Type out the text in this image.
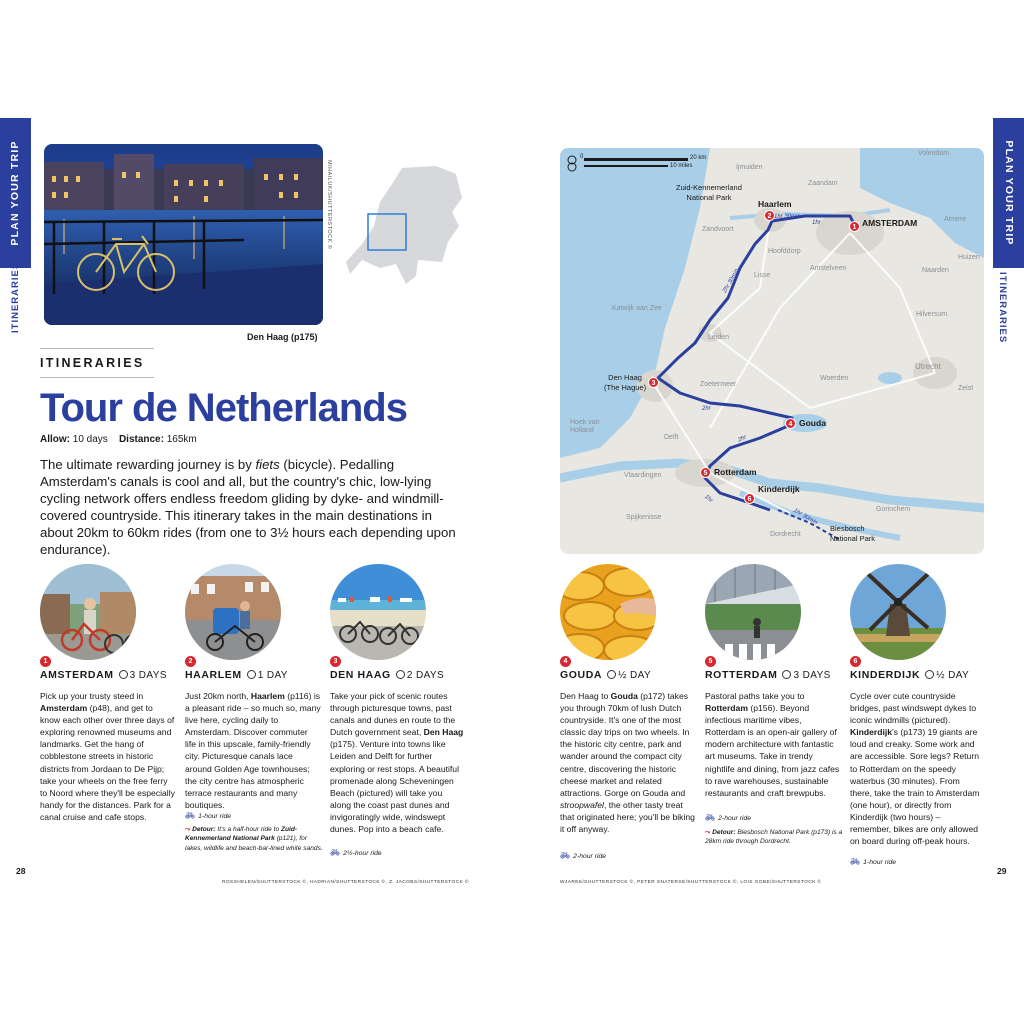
PLAN YOUR TRIP
ITINERARIES
MIHAILUK/SHUTTERSTOCK ©
Den Haag (p175)
ITINERARIES
Tour de Netherlands
Allow: 10 days Distance: 165km
The ultimate rewarding journey is by fiets (bicycle). Pedalling Amsterdam's canals is cool and all, but the country's chic, low-lying cycling network offers endless freedom gliding by dyke- and windmill-covered countryside. This itinerary takes in the main destinations in about 20km to 60km rides (from one to 3½ hours each depending upon endurance).
1
AMSTERDAM 3 DAYS
Pick up your trusty steed in Amsterdam (p48), and get to know each other over three days of exploring renowned museums and landmarks. Get the hang of cobblestone streets in historic districts from Jordaan to De Pijp; take your wheels on the free ferry to Noord where they'll be especially handy for the distances. Park for a canal cruise and cafe stops.
2
HAARLEM 1 DAY
Just 20km north, Haarlem (p116) is a pleasant ride – so much so, many live here, cycling daily to Amsterdam. Discover commuter life in this upscale, family-friendly city. Picturesque canals lace around Golden Age townhouses; the city centre has atmospheric terrace restaurants and many boutiques.
🚲︎ 1-hour ride
⤳ Detour: It's a half-hour ride to Zuid-Kennemerland National Park (p121), for lakes, wildlife and beach-bar-lined white sands.
3
DEN HAAG 2 DAYS
Take your pick of scenic routes through picturesque towns, past canals and dunes en route to the Dutch government seat, Den Haag (p175). Venture into towns like Leiden and Delft for further exploring or rest stops. A beautiful promenade along Scheveningen Beach (pictured) will take you along the coast past dunes and invigoratingly wide, windswept dunes. Pop into a beach cafe.
🚲︎ 2½-hour ride
28
ROSSHELEN/SHUTTERSTOCK ©, HADRIAN/SHUTTERSTOCK ©, Z. JACOBS/SHUTTERSTOCK ©
PLAN YOUR TRIP
ITINERARIES
0	20 km
10 miles
Volendam
Ijmuiden
Zaandam
Zandvoort
Hoofddorp
Amstelveen
Almere
Lisse
Huizen
Naarden
Katwijk aan Zee
Leiden
Hilversum
Zoetermeer
Woerden
Utrecht
Zeist
Hoek van Holland
Delft
Vlaardingen
Spijkenisse
Dordrecht
Gorinchem
Zuid-Kennemerland
National Park
Biesbosch
National Park
1 AMSTERDAM
2
Haarlem
3
Den Haag
(The Hague)
4 Gouda
5 Rotterdam
6
Kinderdijk
1hr 30min
1hr
2hr 30min
2hr
2hr
1hr
1hr 30min
4
GOUDA ½ DAY
Den Haag to Gouda (p172) takes you through 70km of lush Dutch countryside. It's one of the most classic day trips on two wheels. In the historic city centre, park and wander around the compact city centre, discovering the historic cheese market and related attractions. Gorge on Gouda and stroopwafel, the other tasty treat that originated here; you'll be biking it off anyway.
🚲︎ 2-hour ride
5
ROTTERDAM 3 DAYS
Pastoral paths take you to Rotterdam (p156). Beyond infectious maritime vibes, Rotterdam is an open-air gallery of modern architecture with fantastic art museums. Take in trendy nightlife and dining, from jazz cafes to rave warehouses, sustainable restaurants and craft brewpubs.
🚲︎ 2-hour ride
⤳ Detour: Biesbosch National Park (p173) is a 28km ride through Dordrecht.
6
KINDERDIJK ½ DAY
Cycle over cute countryside bridges, past windswept dykes to iconic windmills (pictured). Kinderdijk's (p173) 19 giants are loud and creaky. Some work and are accessible. Sore legs? Return to Rotterdam on the speedy waterbus (30 minutes). From there, take the train to Amsterdam (one hour), or directly from Kinderdijk (two hours) – remember, bikes are only allowed on board during off-peak hours.
🚲︎ 1-hour ride
29
WJAREK/SHUTTERSTOCK ©, PETER SNATERSE/SHUTTERSTOCK ©, LOIS GOBE/SHUTTERSTOCK ©
